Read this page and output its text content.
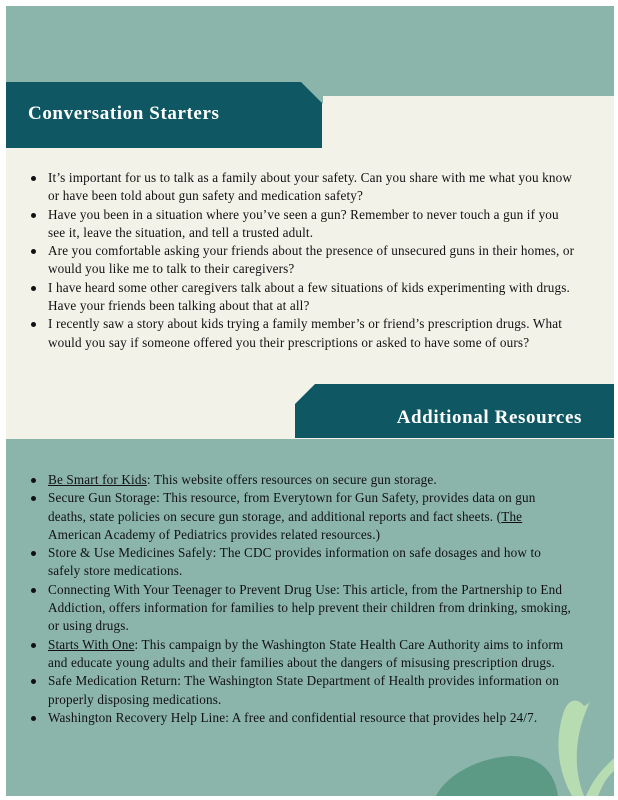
Conversation Starters
It’s important for us to talk as a family about your safety. Can you share with me what you know or have been told about gun safety and medication safety?
Have you been in a situation where you’ve seen a gun? Remember to never touch a gun if you see it, leave the situation, and tell a trusted adult.
Are you comfortable asking your friends about the presence of unsecured guns in their homes, or would you like me to talk to their caregivers?
I have heard some other caregivers talk about a few situations of kids experimenting with drugs. Have your friends been talking about that at all?
I recently saw a story about kids trying a family member’s or friend’s prescription drugs. What would you say if someone offered you their prescriptions or asked to have some of ours?
Additional Resources
Be Smart for Kids: This website offers resources on secure gun storage.
Secure Gun Storage: This resource, from Everytown for Gun Safety, provides data on gun deaths, state policies on secure gun storage, and additional reports and fact sheets. (The American Academy of Pediatrics provides related resources.)
Store & Use Medicines Safely: The CDC provides information on safe dosages and how to safely store medications.
Connecting With Your Teenager to Prevent Drug Use: This article, from the Partnership to End Addiction, offers information for families to help prevent their children from drinking, smoking, or using drugs.
Starts With One: This campaign by the Washington State Health Care Authority aims to inform and educate young adults and their families about the dangers of misusing prescription drugs.
Safe Medication Return: The Washington State Department of Health provides information on properly disposing medications.
Washington Recovery Help Line: A free and confidential resource that provides help 24/7.
